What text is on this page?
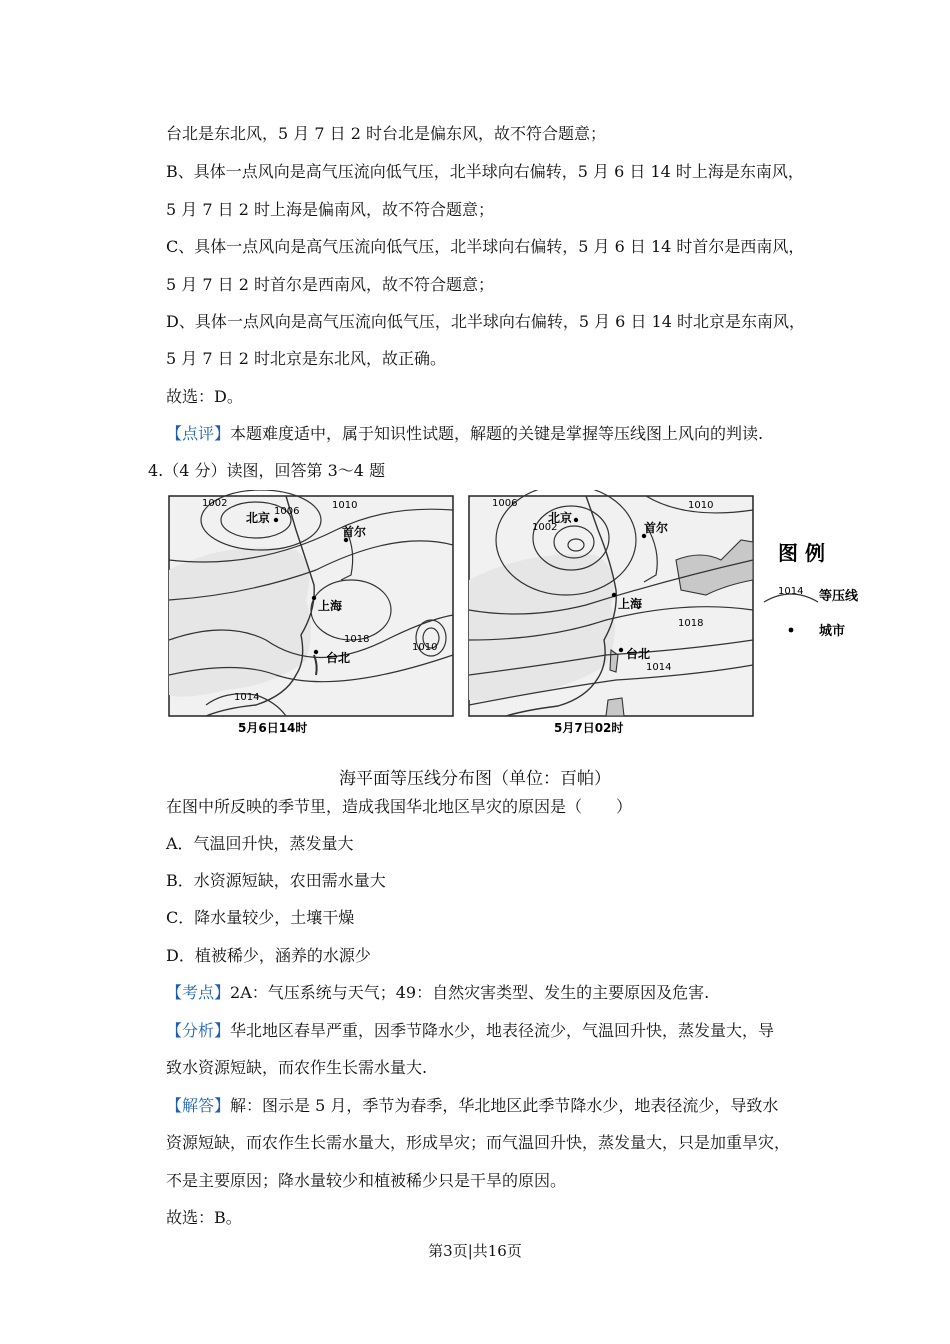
台北是东北风，5 月 7 日 2 时台北是偏东风，故不符合题意；
B、具体一点风向是高气压流向低气压，北半球向右偏转，5 月 6 日 14 时上海是东南风，
5 月 7 日 2 时上海是偏南风，故不符合题意；
C、具体一点风向是高气压流向低气压，北半球向右偏转，5 月 6 日 14 时首尔是西南风，
5 月 7 日 2 时首尔是西南风，故不符合题意；
D、具体一点风向是高气压流向低气压，北半球向右偏转，5 月 6 日 14 时北京是东南风，
5 月 7 日 2 时北京是东北风，故正确。
故选：D。
【点评】本题难度适中，属于知识性试题，解题的关键是掌握等压线图上风向的判读.
4.（4 分）读图，回答第 3～4 题
1002
1006
1010
1018
1010
1014
北京
首尔
上海
台北
5月6日14时
1006
1002
1010
1018
1014
北京
首尔
上海
台北
5月7日02时
图 例
1014 等压线
城市
海平面等压线分布图（单位：百帕）
在图中所反映的季节里，造成我国华北地区旱灾的原因是（ ）
A．气温回升快，蒸发量大
B．水资源短缺，农田需水量大
C．降水量较少，土壤干燥
D．植被稀少，涵养的水源少
【考点】2A：气压系统与天气；49：自然灾害类型、发生的主要原因及危害.
【分析】华北地区春旱严重，因季节降水少，地表径流少，气温回升快，蒸发量大，导
致水资源短缺，而农作生长需水量大.
【解答】解：图示是 5 月，季节为春季，华北地区此季节降水少，地表径流少，导致水
资源短缺，而农作生长需水量大，形成旱灾；而气温回升快，蒸发量大，只是加重旱灾，
不是主要原因；降水量较少和植被稀少只是干旱的原因。
故选：B。
第3页|共16页
